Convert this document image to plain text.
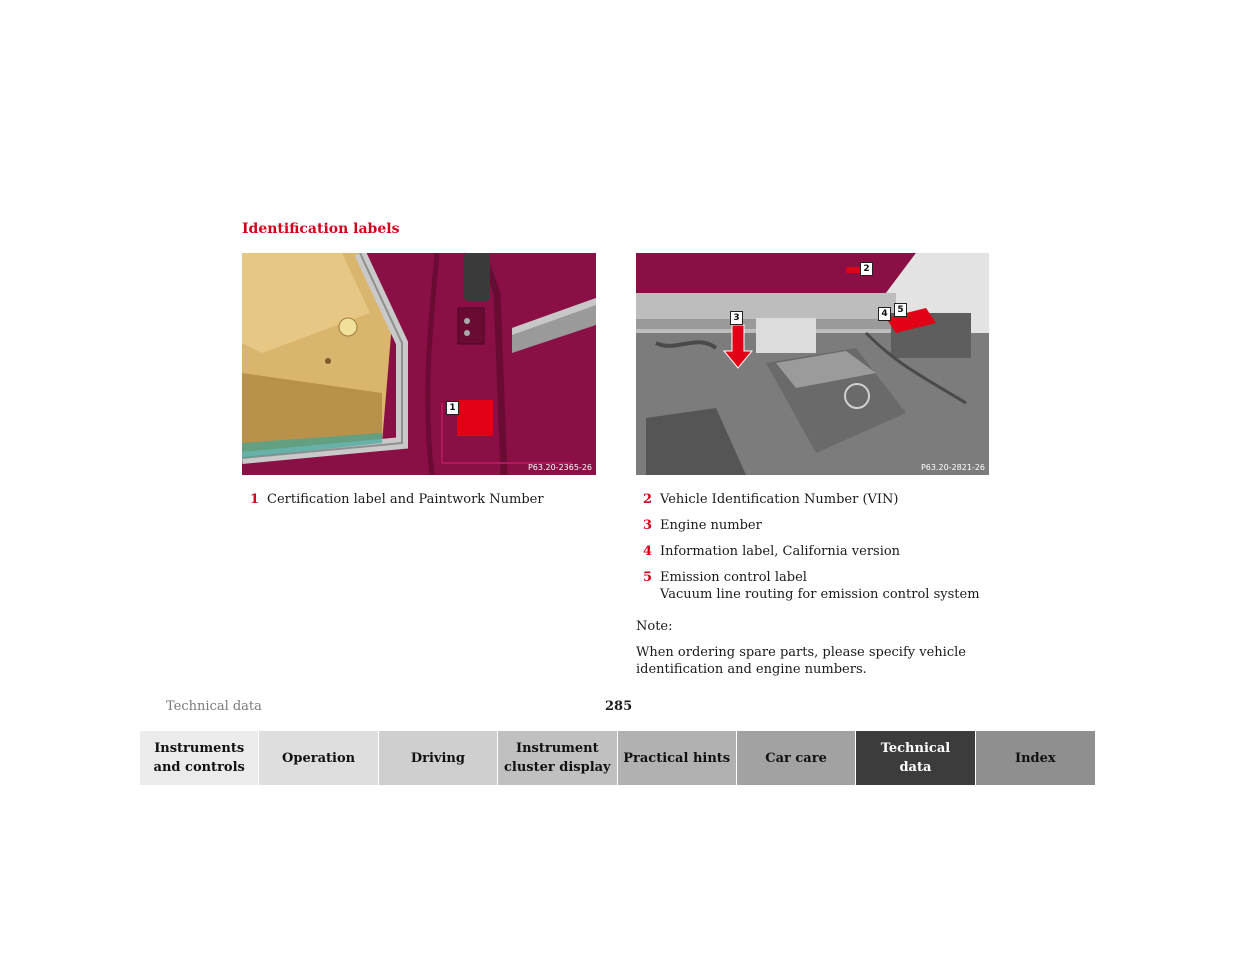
Identification labels
1
P63.20-2365-26
2
3	4	5
P63.20-2821-26
1 Certification label and Paintwork Number	2 Vehicle Identification Number (VIN)
3 Engine number
4 Information label, California version
5 Emission control label
Vacuum line routing for emission control system

Note:

When ordering spare parts, please specify vehicle identification and engine numbers.

Technical data	285

Instruments
and controls
Operation	Driving
Instrument
cluster display
Practical hints	Car care
Technical
data
Index
